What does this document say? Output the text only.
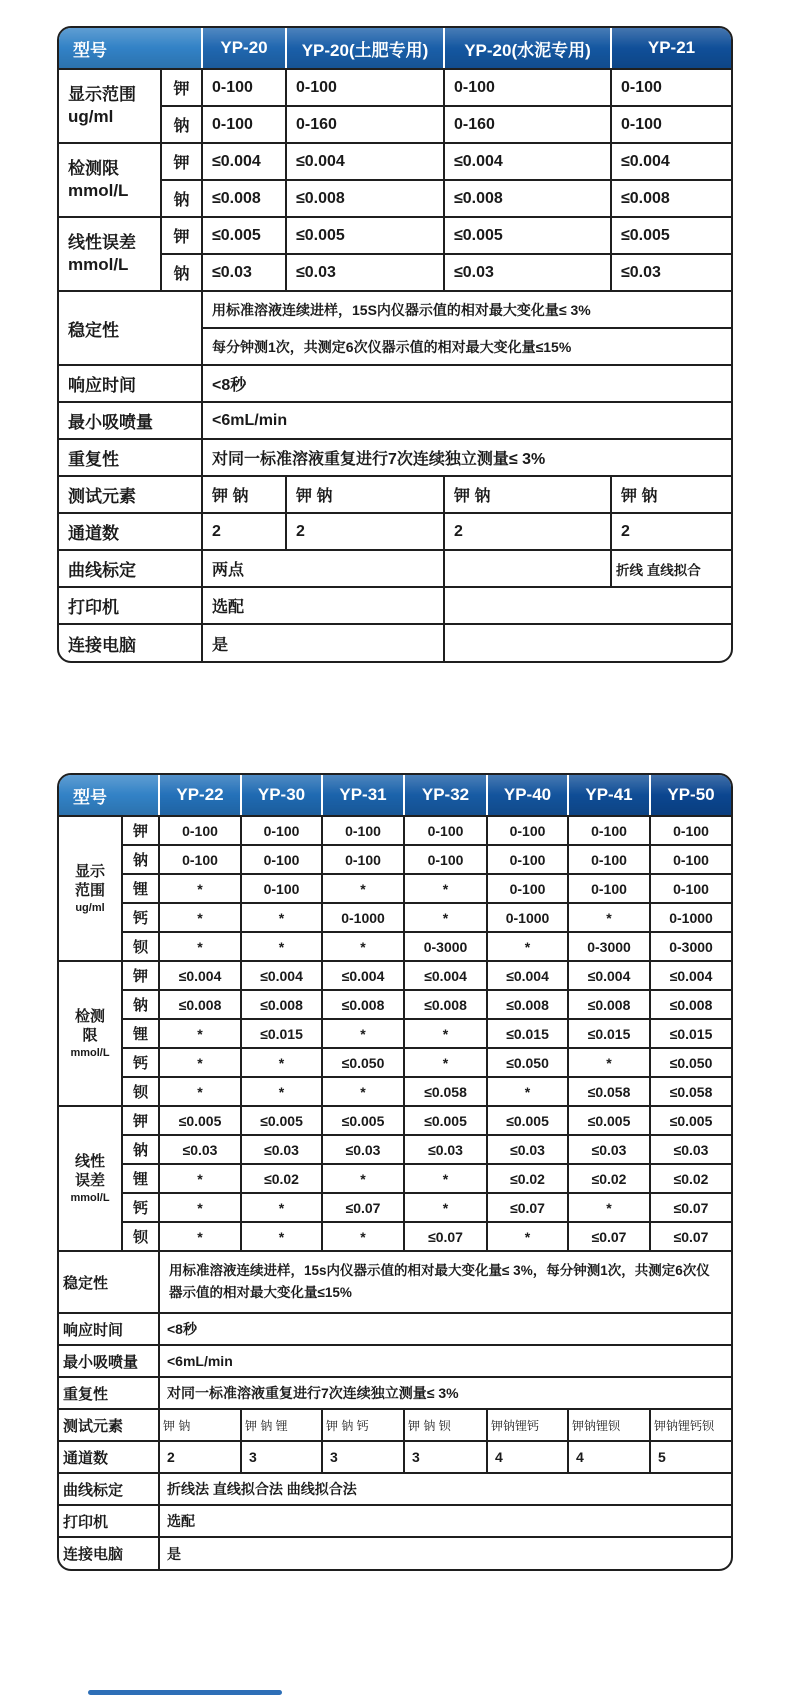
型号		YP-20	YP-20(土肥专用)	YP-20(水泥专用)	YP-21

显示范围
ug/ml	钾	0-100	0-100	0-100	0-100
	钠	0-100	0-160	0-160	0-100

检测限
mmol/L	钾	≤0.004	≤0.004	≤0.004	≤0.004
	钠	≤0.008	≤0.008	≤0.008	≤0.008

线性误差
mmol/L	钾	≤0.005	≤0.005	≤0.005	≤0.005
	钠	≤0.03	≤0.03	≤0.03	≤0.03
稳定性		用标准溶液连续进样，15S内仪器示值的相对最大变化量≤ 3%			
		每分钟测1次，共测定6次仪器示值的相对最大变化量≤15%			
响应时间		<8秒			
最小吸喷量		<6mL/min			
重复性		对同一标准溶液重复进行7次连续独立测量≤ 3%			
测试元素		钾 钠	钾 钠	钾 钠	钾 钠
通道数		2	2	2	2
曲线标定		两点			折线 直线拟合
打印机		选配			
连接电脑		是			
型号		YP-22	YP-30	YP-31	YP-32	YP-40	YP-41	YP-50

显示
范围
ug/ml	钾	0-100	0-100	0-100	0-100	0-100	0-100	0-100
	钠	0-100	0-100	0-100	0-100	0-100	0-100	0-100
	锂	*	0-100	*	*	0-100	0-100	0-100
	钙	*	*	0-1000	*	0-1000	*	0-1000
	钡	*	*	*	0-3000	*	0-3000	0-3000

检测
限
mmol/L	钾	≤0.004	≤0.004	≤0.004	≤0.004	≤0.004	≤0.004	≤0.004
	钠	≤0.008	≤0.008	≤0.008	≤0.008	≤0.008	≤0.008	≤0.008
	锂	*	≤0.015	*	*	≤0.015	≤0.015	≤0.015
	钙	*	*	≤0.050	*	≤0.050	*	≤0.050
	钡	*	*	*	≤0.058	*	≤0.058	≤0.058

线性
误差
mmol/L	钾	≤0.005	≤0.005	≤0.005	≤0.005	≤0.005	≤0.005	≤0.005
	钠	≤0.03	≤0.03	≤0.03	≤0.03	≤0.03	≤0.03	≤0.03
	锂	*	≤0.02	*	*	≤0.02	≤0.02	≤0.02
	钙	*	*	≤0.07	*	≤0.07	*	≤0.07
	钡	*	*	*	≤0.07	*	≤0.07	≤0.07
稳定性		用标准溶液连续进样，15s内仪器示值的相对最大变化量≤ 3%，每分钟测1次，共测定6次仪器示值的相对最大变化量≤15%						
响应时间		<8秒						
最小吸喷量		<6mL/min						
重复性		对同一标准溶液重复进行7次连续独立测量≤ 3%						
测试元素		钾 钠	钾 钠 锂	钾 钠 钙	钾 钠 钡	钾钠锂钙	钾钠锂钡	钾钠锂钙钡
通道数		2	3	3	3	4	4	5
曲线标定		折线法 直线拟合法 曲线拟合法						
打印机		选配						
连接电脑		是						
